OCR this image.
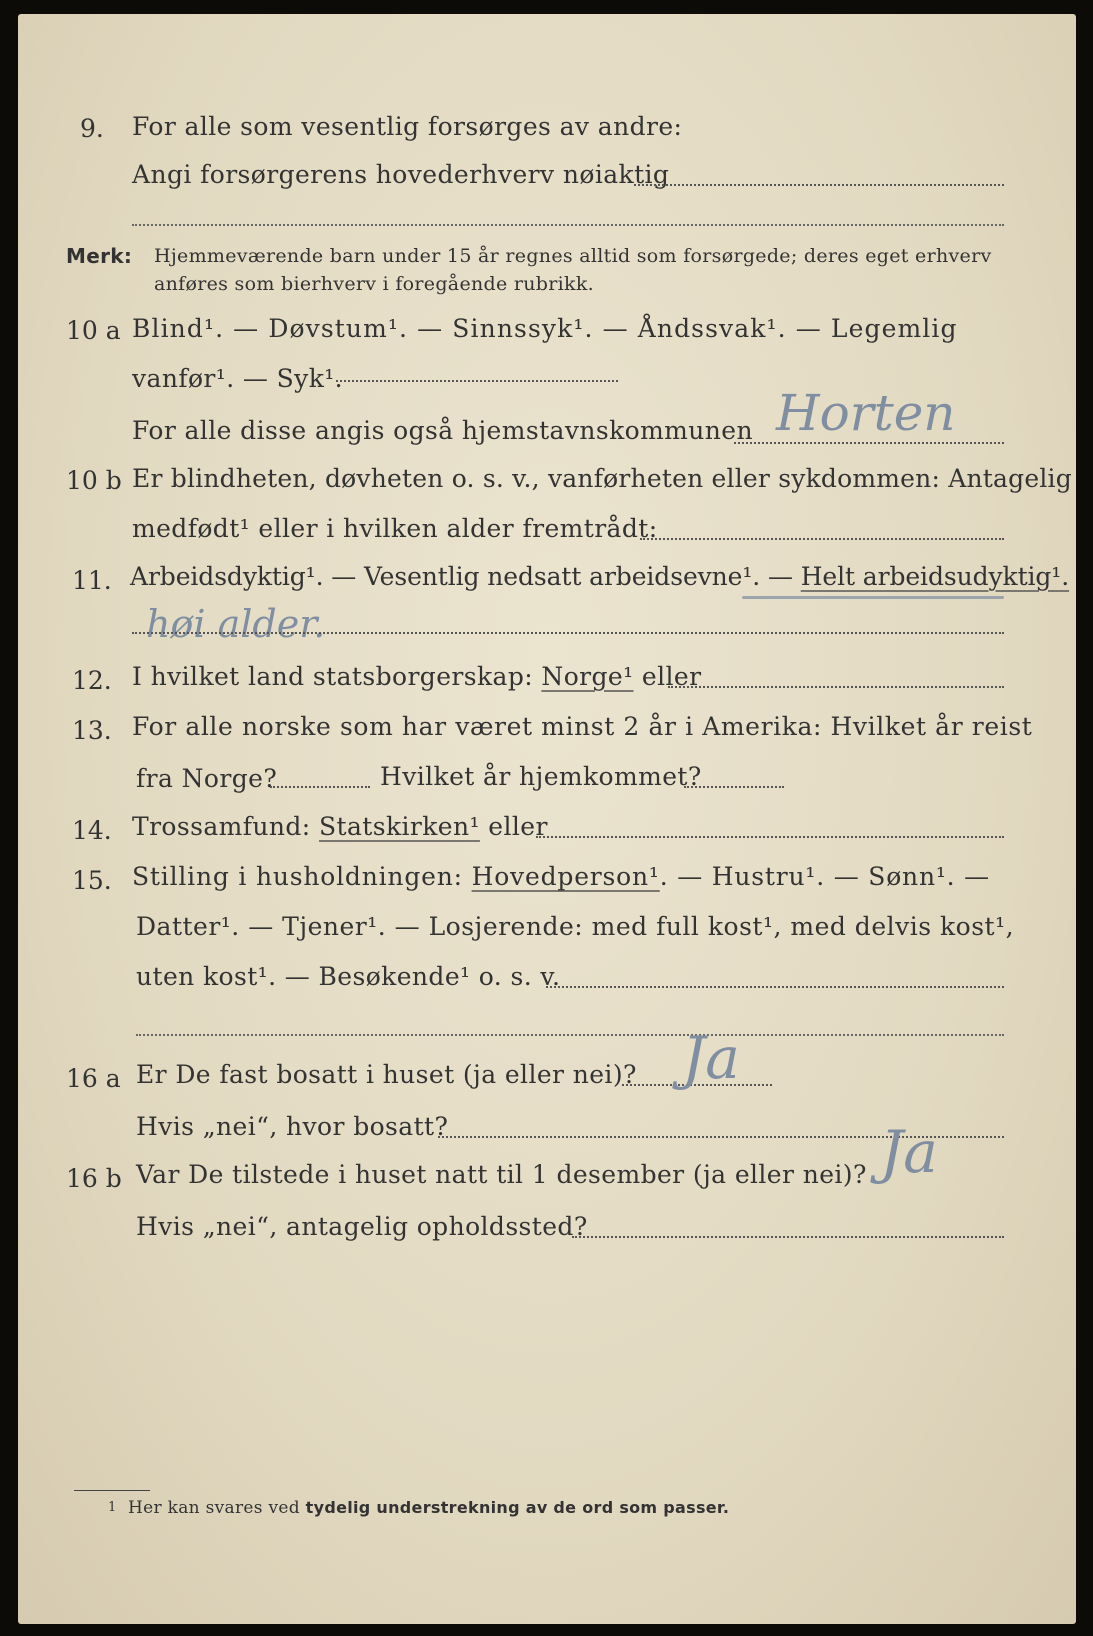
9. For alle som vesentlig forsørges av andre:
Angi forsørgerens hovederhverv nøiaktig
Merk: Hjemmeværende barn under 15 år regnes alltid som forsørgede; deres eget erhverv
anføres som bierhverv i foregående rubrikk.
10 a Blind¹. — Døvstum¹. — Sinnssyk¹. — Åndssvak¹. — Legemlig
vanfør¹. — Syk¹.
For alle disse angis også hjemstavnskommunen Horten
10 b Er blindheten, døvheten o. s. v., vanførheten eller sykdommen: Antagelig
medfødt¹ eller i hvilken alder fremtrådt:
11. Arbeidsdyktig¹. — Vesentlig nedsatt arbeidsevne¹. — Helt arbeidsudyktig¹.
høi alder.
12. I hvilket land statsborgerskap: Norge¹ eller
13. For alle norske som har været minst 2 år i Amerika: Hvilket år reist
fra Norge?	Hvilket år hjemkommet?
14. Trossamfund: Statskirken¹ eller
15. Stilling i husholdningen: Hovedperson¹. — Hustru¹. — Sønn¹. —
Datter¹. — Tjener¹. — Losjerende: med full kost¹, med delvis kost¹,
uten kost¹. — Besøkende¹ o. s. v.
16 a Er De fast bosatt i huset (ja eller nei)? Ja
Hvis „nei“, hvor bosatt?
16 b Var De tilstede i huset natt til 1 desember (ja eller nei)? Ja
Hvis „nei“, antagelig opholdssted?
1 Her kan svares ved tydelig understrekning av de ord som passer.
